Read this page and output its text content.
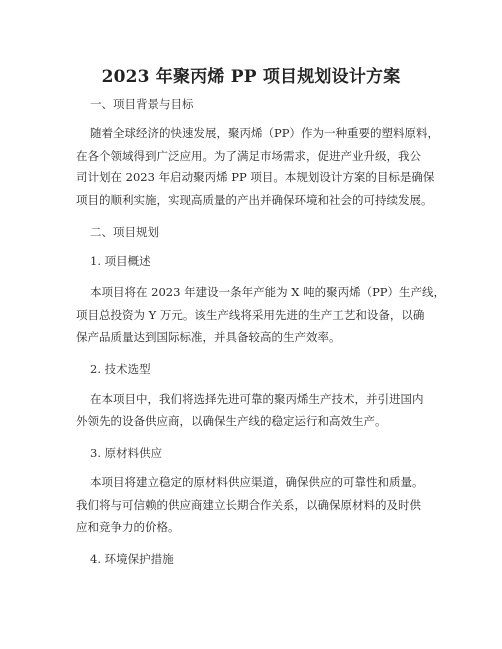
2023 年聚丙烯 PP 项目规划设计方案
一、项目背景与目标
随着全球经济的快速发展，聚丙烯（PP）作为一种重要的塑料原料，
在各个领域得到广泛应用。为了满足市场需求，促进产业升级，我公
司计划在 2023 年启动聚丙烯 PP 项目。本规划设计方案的目标是确保
项目的顺利实施，实现高质量的产出并确保环境和社会的可持续发展。
二、项目规划
1. 项目概述
本项目将在 2023 年建设一条年产能为 X 吨的聚丙烯（PP）生产线，
项目总投资为 Y 万元。该生产线将采用先进的生产工艺和设备，以确
保产品质量达到国际标准，并具备较高的生产效率。
2. 技术选型
在本项目中，我们将选择先进可靠的聚丙烯生产技术，并引进国内
外领先的设备供应商，以确保生产线的稳定运行和高效生产。
3. 原材料供应
本项目将建立稳定的原材料供应渠道，确保供应的可靠性和质量。
我们将与可信赖的供应商建立长期合作关系，以确保原材料的及时供
应和竞争力的价格。
4. 环境保护措施
